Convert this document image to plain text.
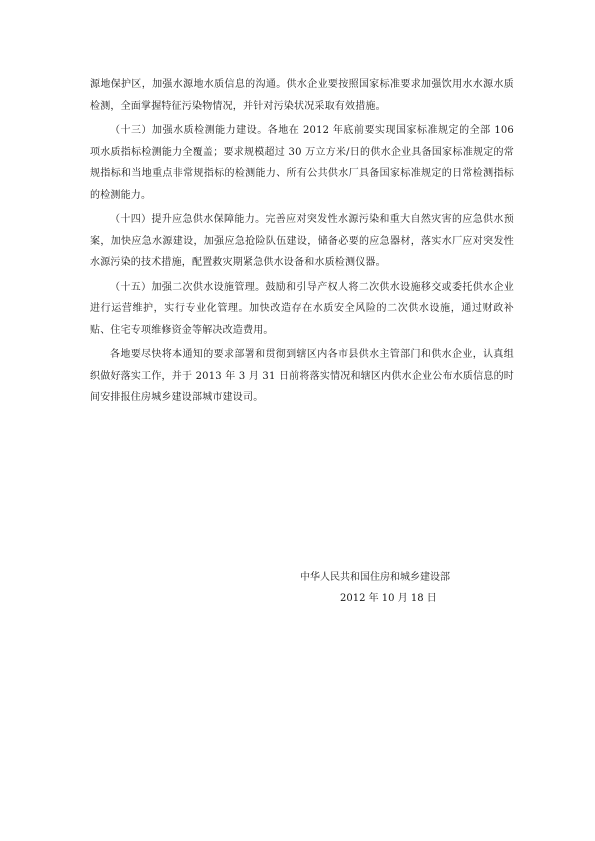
源地保护区，加强水源地水质信息的沟通。供水企业要按照国家标准要求加强饮用水水源水质检测，全面掌握特征污染物情况，并针对污染状况采取有效措施。

（十三）加强水质检测能力建设。各地在 2012 年底前要实现国家标准规定的全部 106 项水质指标检测能力全覆盖；要求规模超过 30 万立方米/日的供水企业具备国家标准规定的常规指标和当地重点非常规指标的检测能力、所有公共供水厂具备国家标准规定的日常检测指标的检测能力。

（十四）提升应急供水保障能力。完善应对突发性水源污染和重大自然灾害的应急供水预案，加快应急水源建设，加强应急抢险队伍建设，储备必要的应急器材，落实水厂应对突发性水源污染的技术措施，配置救灾期紧急供水设备和水质检测仪器。

（十五）加强二次供水设施管理。鼓励和引导产权人将二次供水设施移交或委托供水企业进行运营维护，实行专业化管理。加快改造存在水质安全风险的二次供水设施，通过财政补贴、住宅专项维修资金等解决改造费用。

各地要尽快将本通知的要求部署和贯彻到辖区内各市县供水主管部门和供水企业，认真组织做好落实工作，并于 2013 年 3 月 31 日前将落实情况和辖区内供水企业公布水质信息的时间安排报住房城乡建设部城市建设司。

中华人民共和国住房和城乡建设部

2012 年 10 月 18 日
